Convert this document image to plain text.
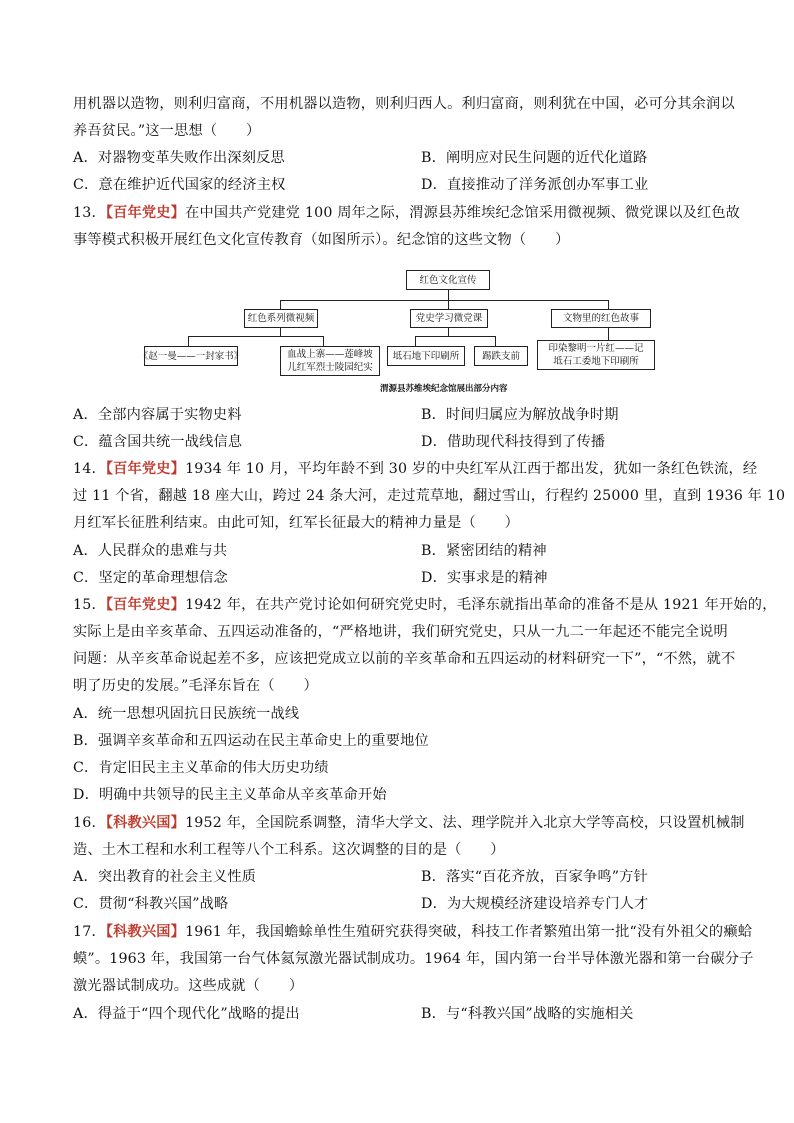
用机器以造物，则利归富商，不用机器以造物，则利归西人。利归富商，则利犹在中国，必可分其余润以
养吾贫民。”这一思想（　　）
A．对器物变革失败作出深刻反思	B．阐明应对民生问题的近代化道路
C．意在维护近代国家的经济主权	D．直接推动了洋务派创办军事工业
13．【百年党史】在中国共产党建党 100 周年之际，渭源县苏维埃纪念馆采用微视频、微党课以及红色故
事等模式积极开展红色文化宣传教育（如图所示）。纪念馆的这些文物（　　）
红色文化宣传
红色系列微视频	党史学习微党课	文物里的红色故事
《赵一曼——一封家书》	血战上寨——莲峰坡
儿红军烈士陵园纪实
坻石地下印刷所	踢跌支前
印染黎明一片红——记
坻石工委地下印刷所
渭源县苏维埃纪念馆展出部分内容
A．全部内容属于实物史料	B．时间归属应为解放战争时期
C．蕴含国共统一战线信息	D．借助现代科技得到了传播
14．【百年党史】1934 年 10 月，平均年龄不到 30 岁的中央红军从江西于都出发，犹如一条红色铁流，经
过 11 个省，翻越 18 座大山，跨过 24 条大河，走过荒草地，翻过雪山，行程约 25000 里，直到 1936 年 10
月红军长征胜利结束。由此可知，红军长征最大的精神力量是（　　）
A．人民群众的患难与共	B．紧密团结的精神
C．坚定的革命理想信念	D．实事求是的精神
15．【百年党史】1942 年，在共产党讨论如何研究党史时，毛泽东就指出革命的准备不是从 1921 年开始的，
实际上是由辛亥革命、五四运动准备的，“严格地讲，我们研究党史，只从一九二一年起还不能完全说明
问题：从辛亥革命说起差不多，应该把党成立以前的辛亥革命和五四运动的材料研究一下”，“不然，就不
明了历史的发展。”毛泽东旨在（　　）
A．统一思想巩固抗日民族统一战线
B．强调辛亥革命和五四运动在民主革命史上的重要地位
C．肯定旧民主主义革命的伟大历史功绩
D．明确中共领导的民主主义革命从辛亥革命开始
16．【科教兴国】1952 年，全国院系调整，清华大学文、法、理学院并入北京大学等高校，只设置机械制
造、土木工程和水利工程等八个工科系。这次调整的目的是（　　）
A．突出教育的社会主义性质	B．落实“百花齐放，百家争鸣”方针
C．贯彻“科教兴国”战略	D．为大规模经济建设培养专门人才
17．【科教兴国】1961 年，我国蟾蜍单性生殖研究获得突破，科技工作者繁殖出第一批“没有外祖父的癞蛤
蟆”。1963 年，我国第一台气体氦氖激光器试制成功。1964 年，国内第一台半导体激光器和第一台碳分子
激光器试制成功。这些成就（　　）
A．得益于“四个现代化”战略的提出	B．与“科教兴国”战略的实施相关
